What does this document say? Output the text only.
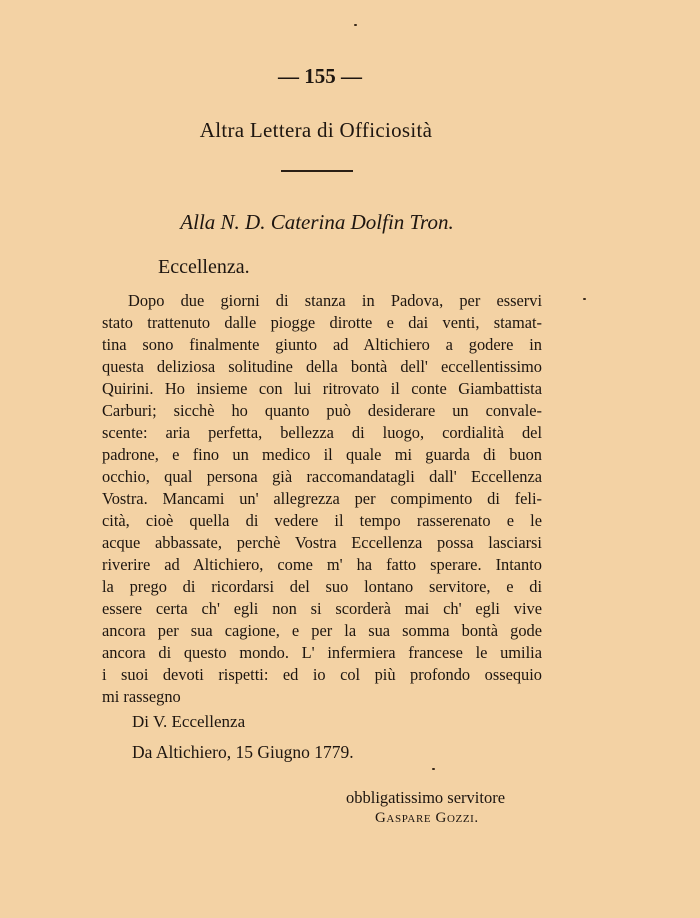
— 155 —
Altra Lettera di Officiosità
Alla N. D. Caterina Dolfin Tron.
Eccellenza.
Dopo due giorni di stanza in Padova, per esservi
stato trattenuto dalle piogge dirotte e dai venti, stamat-
tina sono finalmente giunto ad Altichiero a godere in
questa deliziosa solitudine della bontà dell' eccellentissimo
Quirini. Ho insieme con lui ritrovato il conte Giambattista
Carburi; sicchè ho quanto può desiderare un convale-
scente: aria perfetta, bellezza di luogo, cordialità del
padrone, e fino un medico il quale mi guarda di buon
occhio, qual persona già raccomandatagli dall' Eccellenza
Vostra. Mancami un' allegrezza per compimento di feli-
cità, cioè quella di vedere il tempo rasserenato e le
acque abbassate, perchè Vostra Eccellenza possa lasciarsi
riverire ad Altichiero, come m' ha fatto sperare. Intanto
la prego di ricordarsi del suo lontano servitore, e di
essere certa ch' egli non si scorderà mai ch' egli vive
ancora per sua cagione, e per la sua somma bontà gode
ancora di questo mondo. L' infermiera francese le umilia
i suoi devoti rispetti: ed io col più profondo ossequio
mi rassegno
Di V. Eccellenza
Da Altichiero, 15 Giugno 1779.
obbligatissimo servitore
Gaspare Gozzi.
